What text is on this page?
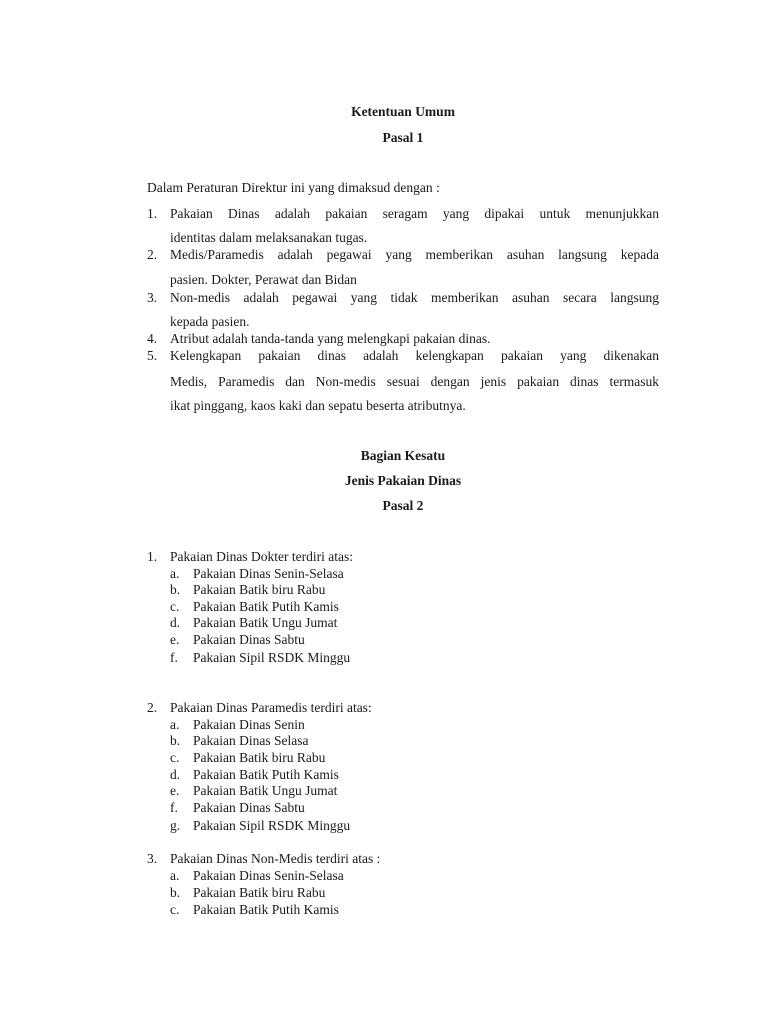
Ketentuan Umum

Pasal 1

Dalam Peraturan Direktur ini yang dimaksud dengan :

1. Pakaian Dinas adalah pakaian seragam yang dipakai untuk menunjukkan
identitas dalam melaksanakan tugas.
2. Medis/Paramedis adalah pegawai yang memberikan asuhan langsung kepada
pasien. Dokter, Perawat dan Bidan
3. Non-medis adalah pegawai yang tidak memberikan asuhan secara langsung
kepada pasien.
4. Atribut adalah tanda-tanda yang melengkapi pakaian dinas.
5. Kelengkapan pakaian dinas adalah kelengkapan pakaian yang dikenakan
Medis, Paramedis dan Non-medis sesuai dengan jenis pakaian dinas termasuk
ikat pinggang, kaos kaki dan sepatu beserta atributnya.

Bagian Kesatu

Jenis Pakaian Dinas

Pasal 2

1. Pakaian Dinas Dokter terdiri atas:
a.	Pakaian Dinas Senin-Selasa
b. Pakaian Batik biru Rabu
c.	Pakaian Batik Putih Kamis
d. Pakaian Batik Ungu Jumat
e.	Pakaian Dinas Sabtu
f.	Pakaian Sipil RSDK Minggu
2. Pakaian Dinas Paramedis terdiri atas:
a.	Pakaian Dinas Senin
b. Pakaian Dinas Selasa
c.	Pakaian Batik biru Rabu
d. Pakaian Batik Putih Kamis
e.	Pakaian Batik Ungu Jumat
f.	Pakaian Dinas Sabtu
g. Pakaian Sipil RSDK Minggu
3. Pakaian Dinas Non-Medis terdiri atas :
a.	Pakaian Dinas Senin-Selasa
b. Pakaian Batik biru Rabu
c.	Pakaian Batik Putih Kamis
